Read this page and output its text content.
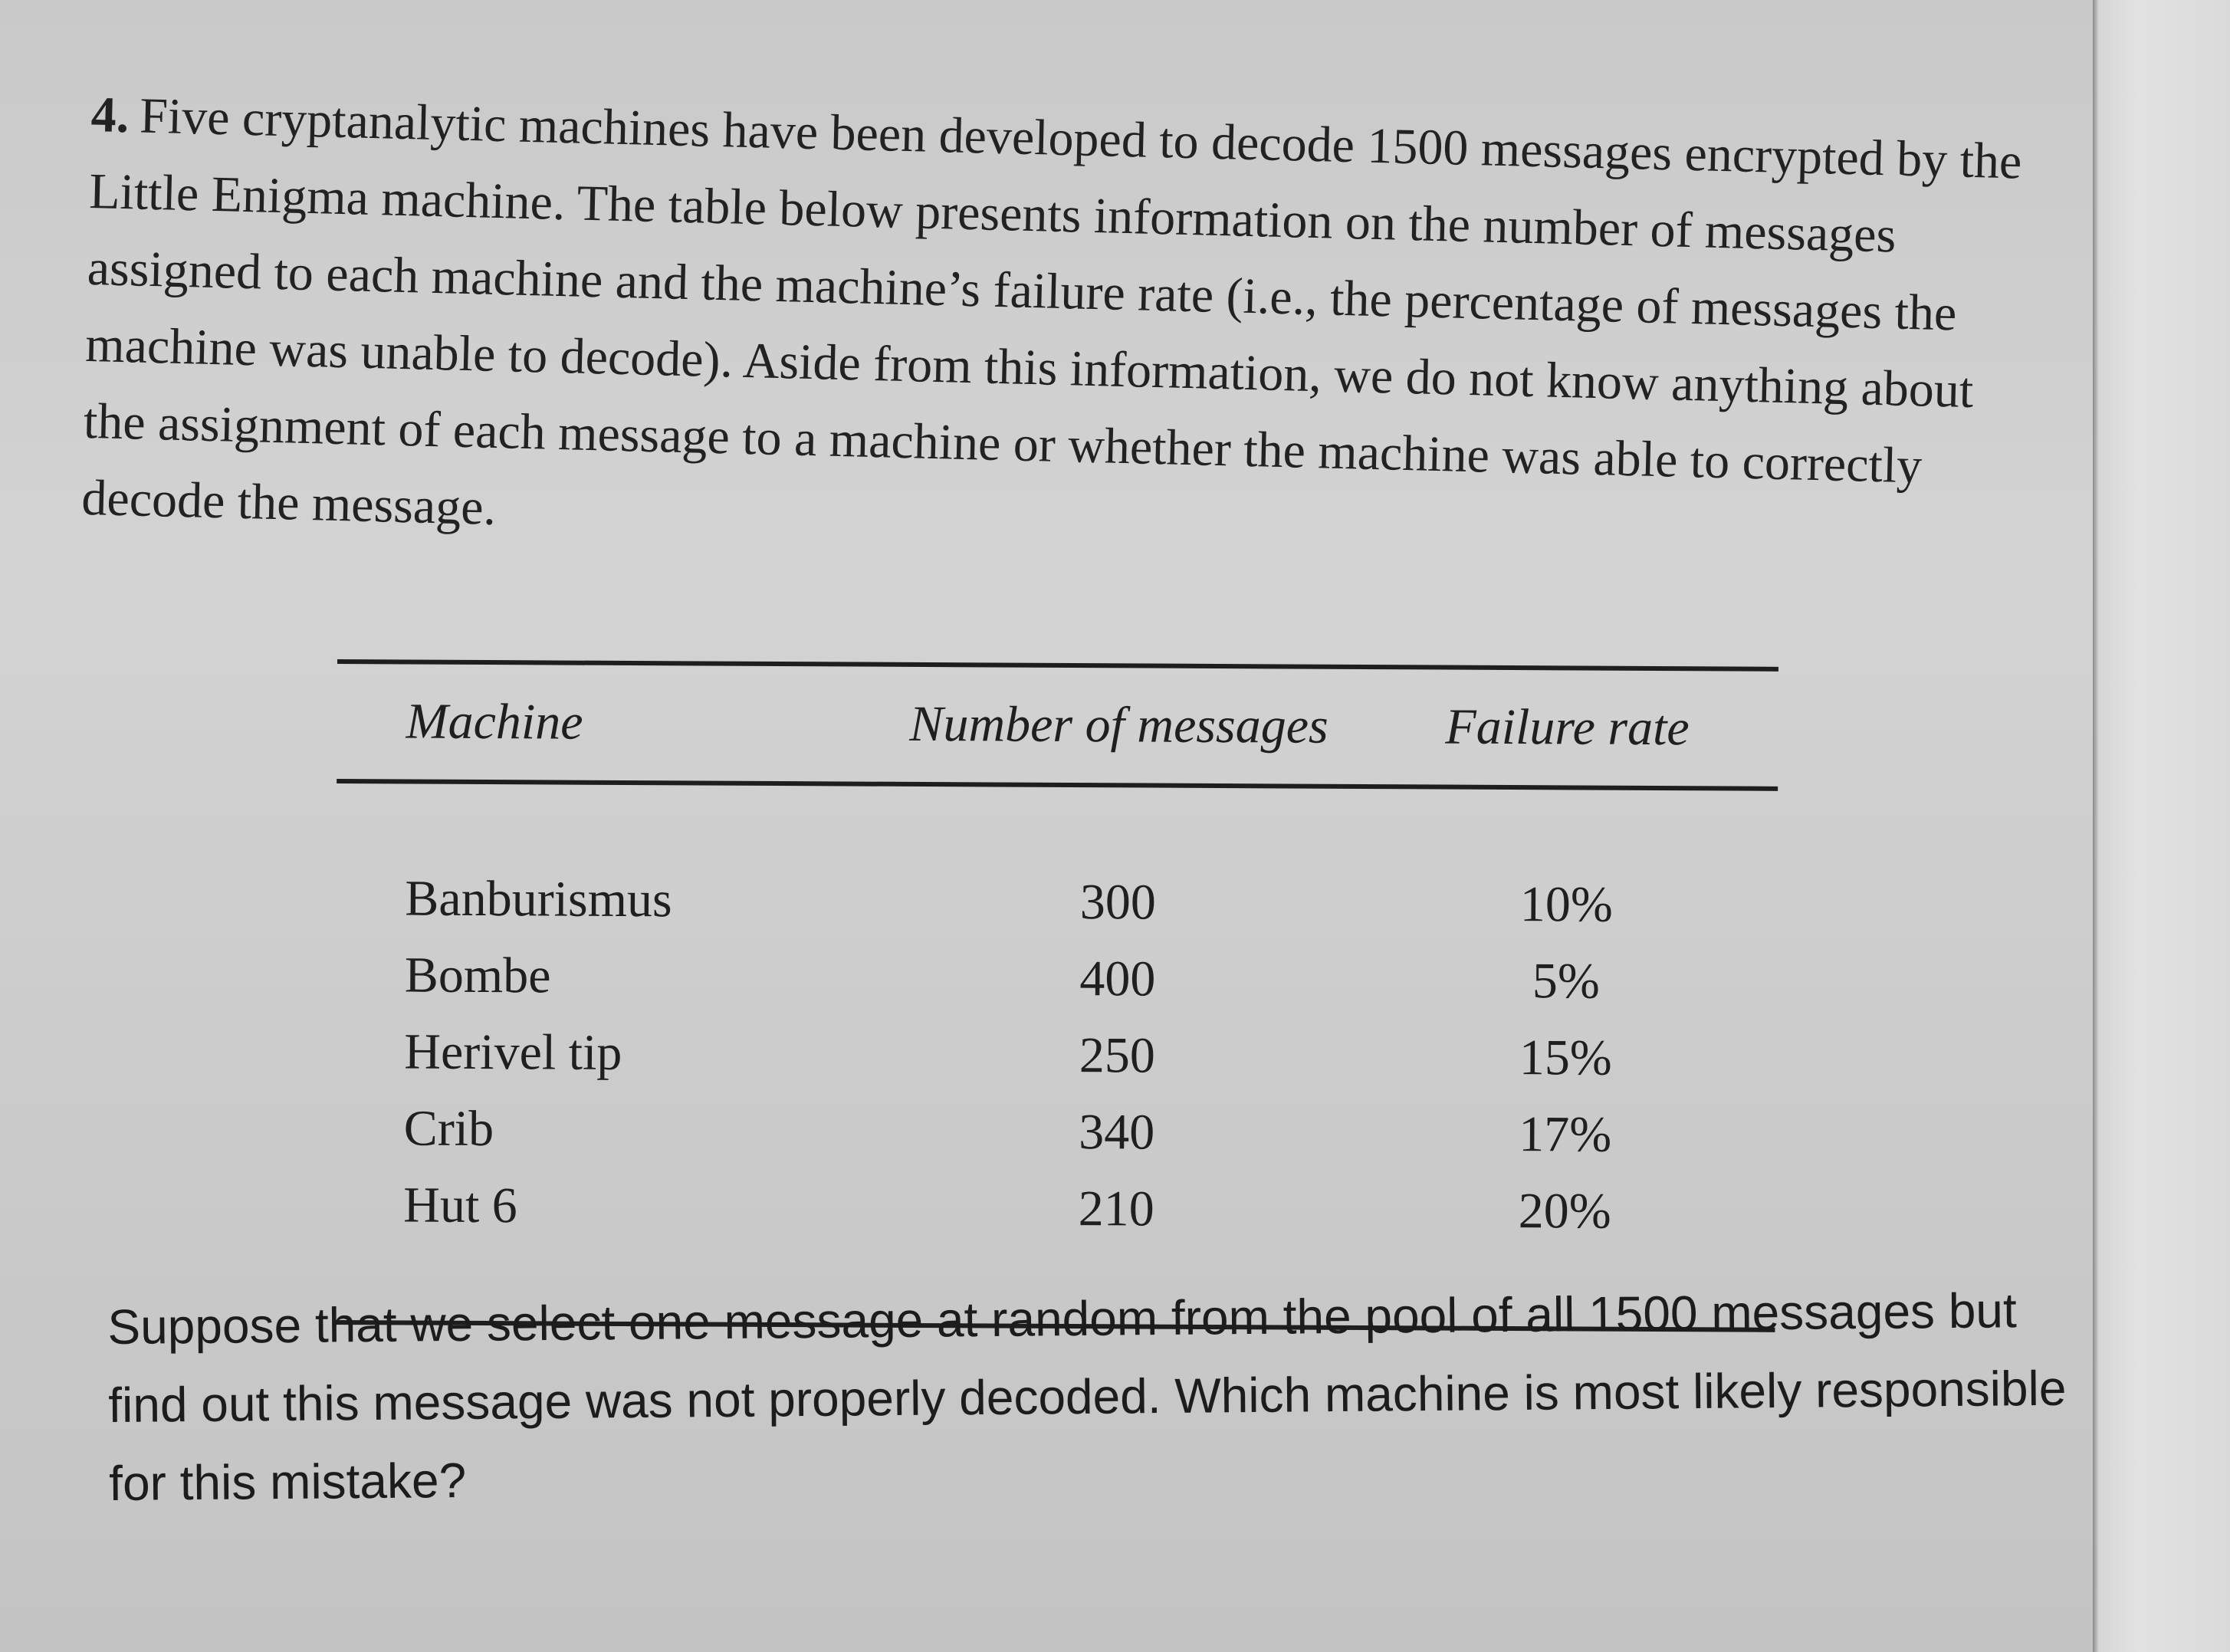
4. Five cryptanalytic machines have been developed to decode 1500 messages encrypted by the Little Enigma machine. The table below presents information on the number of messages assigned to each machine and the machine’s failure rate (i.e., the percentage of messages the machine was unable to decode). Aside from this information, we do not know anything about the assignment of each message to a machine or whether the machine was able to correctly decode the message.

Machine	Number of messages	Failure rate

Banburismus	300	10%
Bombe	400	5%
Herivel tip	250	15%
Crib	340	17%
Hut 6	210	20%

Suppose that we select one message at random from the pool of all 1500 messages but find out this message was not properly decoded. Which machine is most likely responsible for this mistake?
